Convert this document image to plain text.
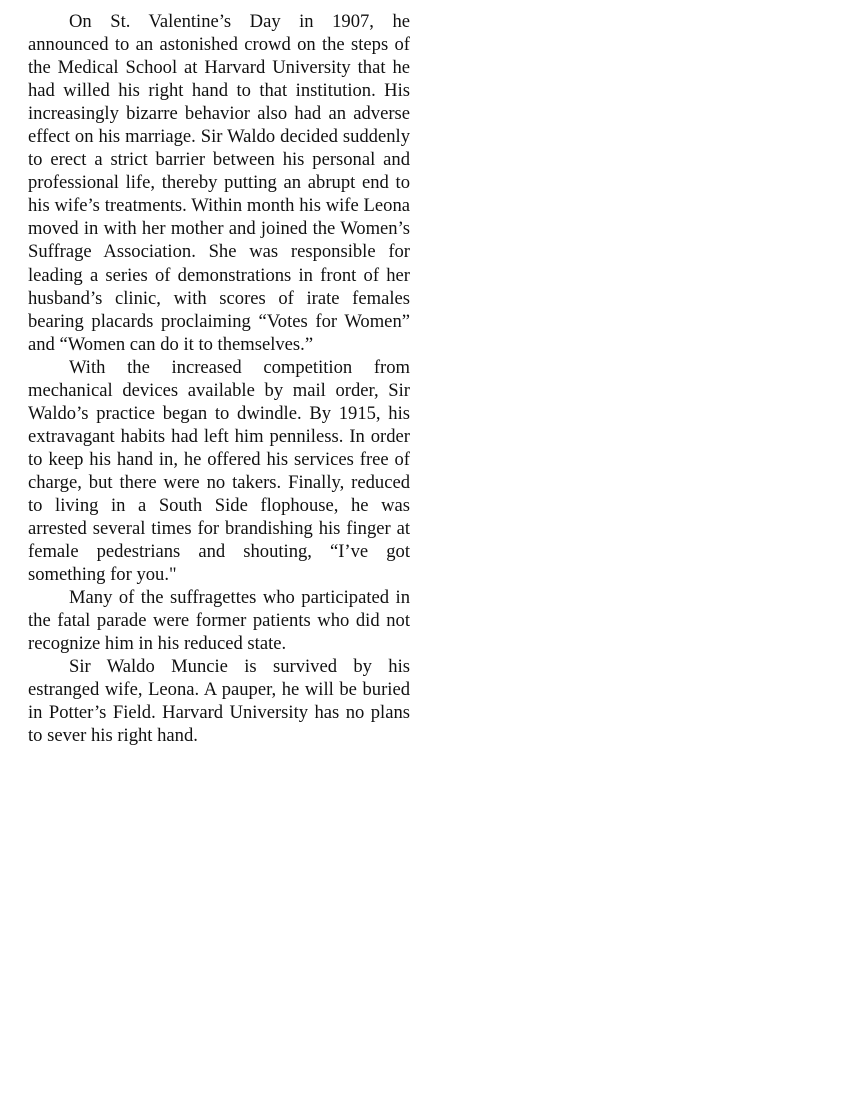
On St. Valentine’s Day in 1907, he announced to an astonished crowd on the steps of the Medical School at Harvard University that he had willed his right hand to that institution. His increasingly bizarre behavior also had an adverse effect on his marriage. Sir Waldo decided suddenly to erect a strict barrier between his personal and professional life, thereby putting an abrupt end to his wife’s treatments. Within month his wife Leona moved in with her mother and joined the Women’s Suffrage Association. She was responsible for leading a series of demonstrations in front of her husband’s clinic, with scores of irate females bearing placards proclaiming “Votes for Women” and “Women can do it to themselves.”

With the increased competition from mechanical devices available by mail order, Sir Waldo’s practice began to dwindle. By 1915, his extravagant habits had left him penniless. In order to keep his hand in, he offered his services free of charge, but there were no takers. Finally, reduced to living in a South Side flophouse, he was arrested several times for brandishing his finger at female pedestrians and shouting, “I’ve got something for you."

Many of the suffragettes who participated in the fatal parade were former patients who did not recognize him in his reduced state.

Sir Waldo Muncie is survived by his estranged wife, Leona. A pauper, he will be buried in Potter’s Field. Harvard University has no plans to sever his right hand.
